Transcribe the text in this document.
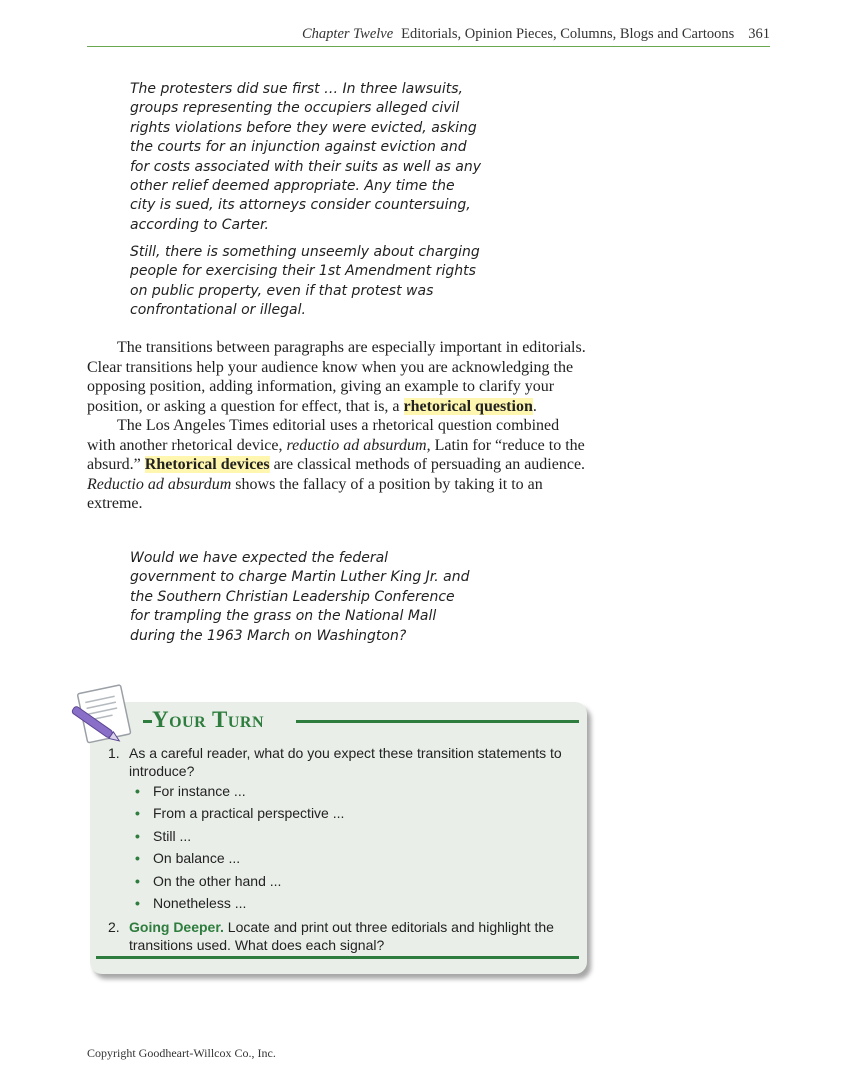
Chapter Twelve Editorials, Opinion Pieces, Columns, Blogs and Cartoons 361

The protesters did sue first … In three lawsuits, groups representing the occupiers alleged civil rights violations before they were evicted, asking the courts for an injunction against eviction and for costs associated with their suits as well as any other relief deemed appropriate. Any time the city is sued, its attorneys consider countersuing, according to Carter.

Still, there is something unseemly about charging people for exercising their 1st Amendment rights on public property, even if that protest was confrontational or illegal.

The transitions between paragraphs are especially important in editorials. Clear transitions help your audience know when you are acknowledging the opposing position, adding information, giving an example to clarify your position, or asking a question for effect, that is, a rhetorical question.

The Los Angeles Times editorial uses a rhetorical question combined with another rhetorical device, reductio ad absurdum, Latin for “reduce to the absurd.” Rhetorical devices are classical methods of persuading an audience. Reductio ad absurdum shows the fallacy of a position by taking it to an extreme.

Would we have expected the federal government to charge Martin Luther King Jr. and the Southern Christian Leadership Conference for trampling the grass on the National Mall during the 1963 March on Washington?

Your Turn
1. As a careful reader, what do you expect these transition statements to introduce?
• For instance ...
• From a practical perspective ...
• Still ...
• On balance ...
• On the other hand ...
• Nonetheless ...
2. Going Deeper. Locate and print out three editorials and highlight the transitions used. What does each signal?
Copyright Goodheart-Willcox Co., Inc.
